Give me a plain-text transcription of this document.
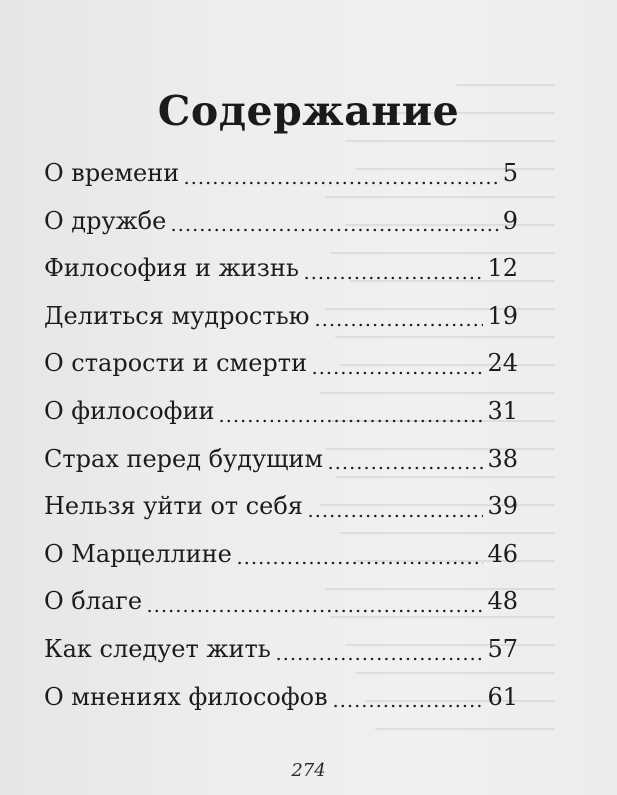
Содержание
О времени	5
О дружбе	9
Философия и жизнь	12
Делиться мудростью	19
О старости и смерти	24
О философии	31
Страх перед будущим	38
Нельзя уйти от себя	39
О Марцеллине	46
О благе	48
Как следует жить	57
О мнениях философов	61
274
